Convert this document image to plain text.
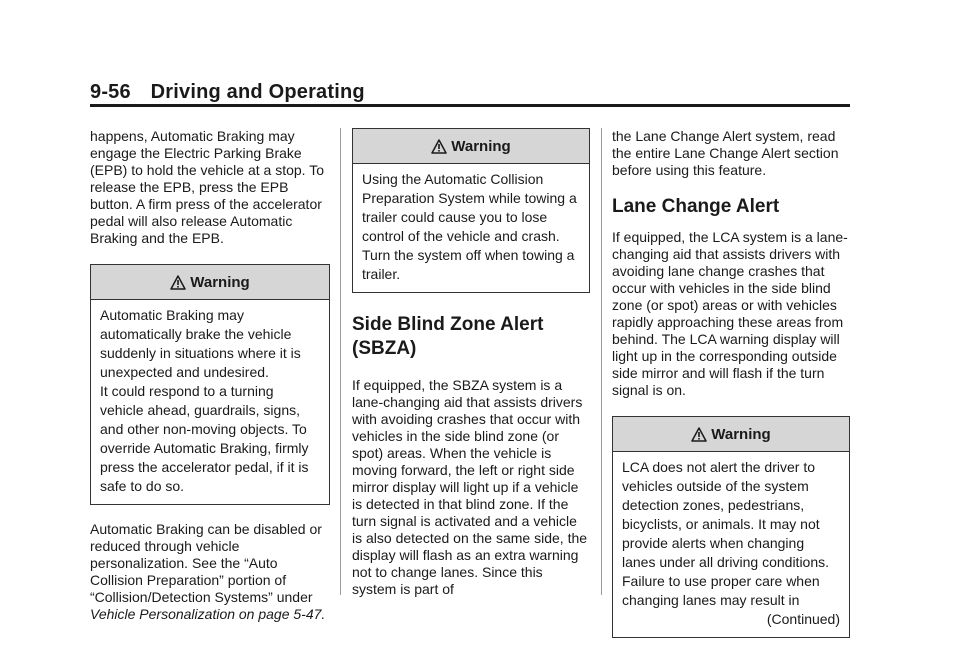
9-56 Driving and Operating

happens, Automatic Braking may engage the Electric Parking Brake (EPB) to hold the vehicle at a stop. To release the EPB, press the EPB button. A firm press of the accelerator pedal will also release Automatic Braking and the EPB.

Warning

Automatic Braking may automatically brake the vehicle suddenly in situations where it is unexpected and undesired.

It could respond to a turning vehicle ahead, guardrails, signs, and other non-moving objects. To override Automatic Braking, firmly press the accelerator pedal, if it is safe to do so.

Automatic Braking can be disabled or reduced through vehicle personalization. See the “Auto Collision Preparation” portion of “Collision/Detection Systems” under Vehicle Personalization on page 5-47.

Warning

Using the Automatic Collision Preparation System while towing a trailer could cause you to lose control of the vehicle and crash. Turn the system off when towing a trailer.

Side Blind Zone Alert (SBZA)

If equipped, the SBZA system is a lane-changing aid that assists drivers with avoiding crashes that occur with vehicles in the side blind zone (or spot) areas. When the vehicle is moving forward, the left or right side mirror display will light up if a vehicle is detected in that blind zone. If the turn signal is activated and a vehicle is also detected on the same side, the display will flash as an extra warning not to change lanes. Since this system is part of

the Lane Change Alert system, read the entire Lane Change Alert section before using this feature.

Lane Change Alert

If equipped, the LCA system is a lane-changing aid that assists drivers with avoiding lane change crashes that occur with vehicles in the side blind zone (or spot) areas or with vehicles rapidly approaching these areas from behind. The LCA warning display will light up in the corresponding outside side mirror and will flash if the turn signal is on.

Warning

LCA does not alert the driver to vehicles outside of the system detection zones, pedestrians, bicyclists, or animals. It may not provide alerts when changing lanes under all driving conditions. Failure to use proper care when changing lanes may result in

(Continued)
